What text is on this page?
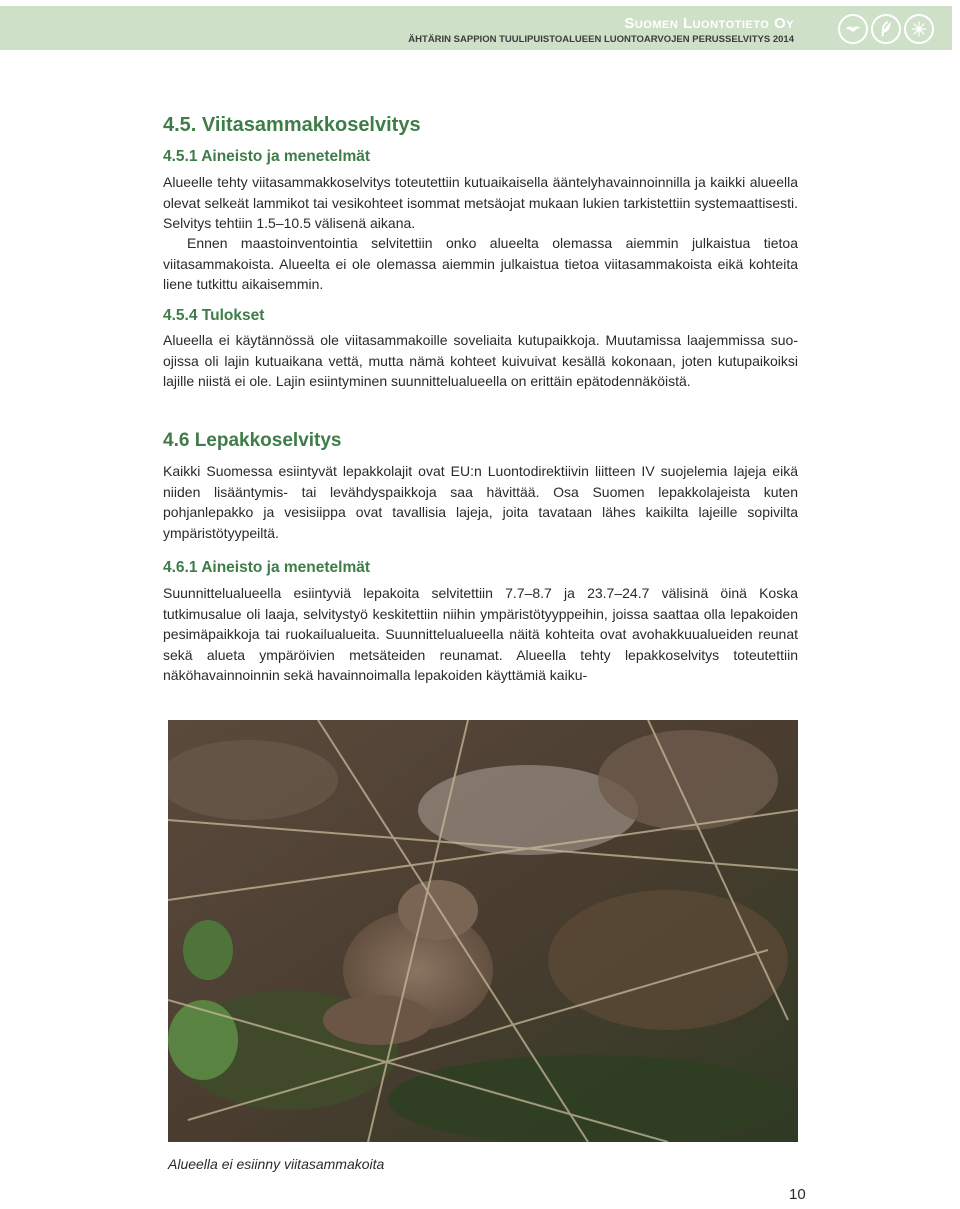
Suomen Luontotieto Oy
ÄHTÄRIN SAPPION TUULIPUISTOALUEEN LUONTOARVOJEN PERUSSELVITYS 2014
4.5. Viitasammakkoselvitys
4.5.1 Aineisto ja menetelmät

Alueelle tehty viitasammakkoselvitys toteutettiin kutuaikaisella ääntelyhavainnoinnilla ja kaikki alueella olevat selkeät lammikot tai vesikohteet isommat metsäojat mukaan lukien tarkistettiin systemaattisesti. Selvitys tehtiin 1.5–10.5 välisenä aikana.

Ennen maastoinventointia selvitettiin onko alueelta olemassa aiemmin julkaistua tietoa viitasammakoista. Alueelta ei ole olemassa aiemmin julkaistua tietoa viitasammakoista eikä kohteita liene tutkittu aikaisemmin.

4.5.4 Tulokset

Alueella ei käytännössä ole viitasammakoille soveliaita kutupaikkoja. Muutamissa laajemmissa suo-ojissa oli lajin kutuaikana vettä, mutta nämä kohteet kuivuivat kesällä kokonaan, joten kutupaikoiksi lajille niistä ei ole. Lajin esiintyminen suunnittelualueella on erittäin epätodennäköistä.

4.6 Lepakkoselvitys

Kaikki Suomessa esiintyvät lepakkolajit ovat EU:n Luontodirektiivin liitteen IV suojelemia lajeja eikä niiden lisääntymis- tai levähdyspaikkoja saa hävittää. Osa Suomen lepakkolajeista kuten pohjanlepakko ja vesisiippa ovat tavallisia lajeja, joita tavataan lähes kaikilta lajeille sopivilta ympäristötyypeiltä.

4.6.1 Aineisto ja menetelmät

Suunnittelualueella esiintyviä lepakoita selvitettiin 7.7–8.7 ja 23.7–24.7 välisinä öinä Koska tutkimusalue oli laaja, selvitystyö keskitettiin niihin ympäristötyyppeihin, joissa saattaa olla lepakoiden pesimäpaikkoja tai ruokailualueita. Suunnittelualueella näitä kohteita ovat avohakkuualueiden reunat sekä alueta ympäröivien metsäteiden reunamat. Alueella tehty lepakkoselvitys toteutettiin näköhavainnoinnin sekä havainnoimalla lepakoiden käyttämiä kaiku-

Alueella ei esiinny viitasammakoita
10
